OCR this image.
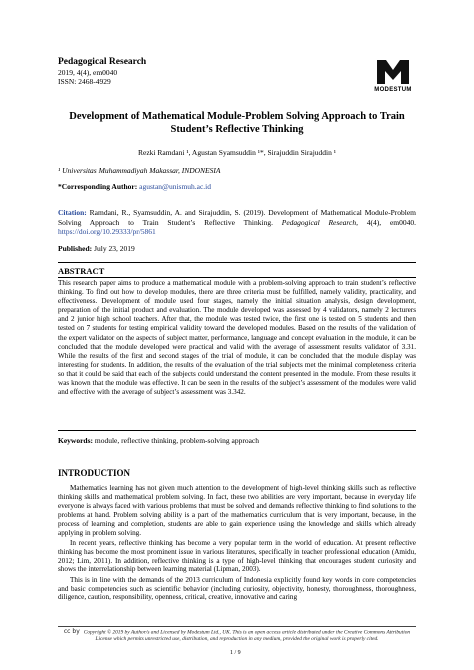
Pedagogical Research
2019, 4(4), em0040
ISSN: 2468-4929
MODESTUM
Development of Mathematical Module-Problem Solving Approach to Train Student’s Reflective Thinking
Rezki Ramdani ¹, Agustan Syamsuddin ¹*, Sirajuddin Sirajuddin ¹
¹ Universitas Muhammadiyah Makassar, INDONESIA
*Corresponding Author: agustan@unismuh.ac.id
Citation: Ramdani, R., Syamsuddin, A. and Sirajuddin, S. (2019). Development of Mathematical Module-Problem Solving Approach to Train Student’s Reflective Thinking. Pedagogical Research, 4(4), em0040. https://doi.org/10.29333/pr/5861
Published: July 23, 2019
ABSTRACT
This research paper aims to produce a mathematical module with a problem-solving approach to train student’s reflective thinking. To find out how to develop modules, there are three criteria must be fulfilled, namely validity, practicality, and effectiveness. Development of module used four stages, namely the initial situation analysis, design development, preparation of the initial product and evaluation. The module developed was assessed by 4 validators, namely 2 lecturers and 2 junior high school teachers. After that, the module was tested twice, the first one is tested on 5 students and then tested on 7 students for testing empirical validity toward the developed modules. Based on the results of the validation of the expert validator on the aspects of subject matter, performance, language and concept evaluation in the module, it can be concluded that the module developed were practical and valid with the average of assessment results validator of 3.31. While the results of the first and second stages of the trial of module, it can be concluded that the module display was interesting for students. In addition, the results of the evaluation of the trial subjects met the minimal completeness criteria so that it could be said that each of the subjects could understand the content presented in the module. From these results it was known that the module was effective. It can be seen in the results of the subject’s assessment of the modules were valid and effective with the average of subject’s assessment was 3.342.
Keywords: module, reflective thinking, problem-solving approach
INTRODUCTION

Mathematics learning has not given much attention to the development of high-level thinking skills such as reflective thinking skills and mathematical problem solving. In fact, these two abilities are very important, because in everyday life everyone is always faced with various problems that must be solved and demands reflective thinking to find solutions to the problems at hand. Problem solving ability is a part of the mathematics curriculum that is very important, because, in the process of learning and completion, students are able to gain experience using the knowledge and skills which already applying in problem solving.

In recent years, reflective thinking has become a very popular term in the world of education. At present reflective thinking has become the most prominent issue in various literatures, specifically in teacher professional education (Amidu, 2012; Lim, 2011). In addition, reflective thinking is a type of high-level thinking that encourages student curiosity and shows the interrelationship between learning material (Lipman, 2003).

This is in line with the demands of the 2013 curriculum of Indonesia explicitly found key words in core competencies and basic competencies such as scientific behavior (including curiosity, objectivity, honesty, thoroughness, thoroughness, diligence, caution, responsibility, openness, critical, creative, innovative and caring

cc by Copyright © 2019 by Author/s and Licensed by Modestum Ltd., UK. This is an open access article distributed under the Creative Commons Attribution License which permits unrestricted use, distribution, and reproduction in any medium, provided the original work is properly cited.
1 / 9
